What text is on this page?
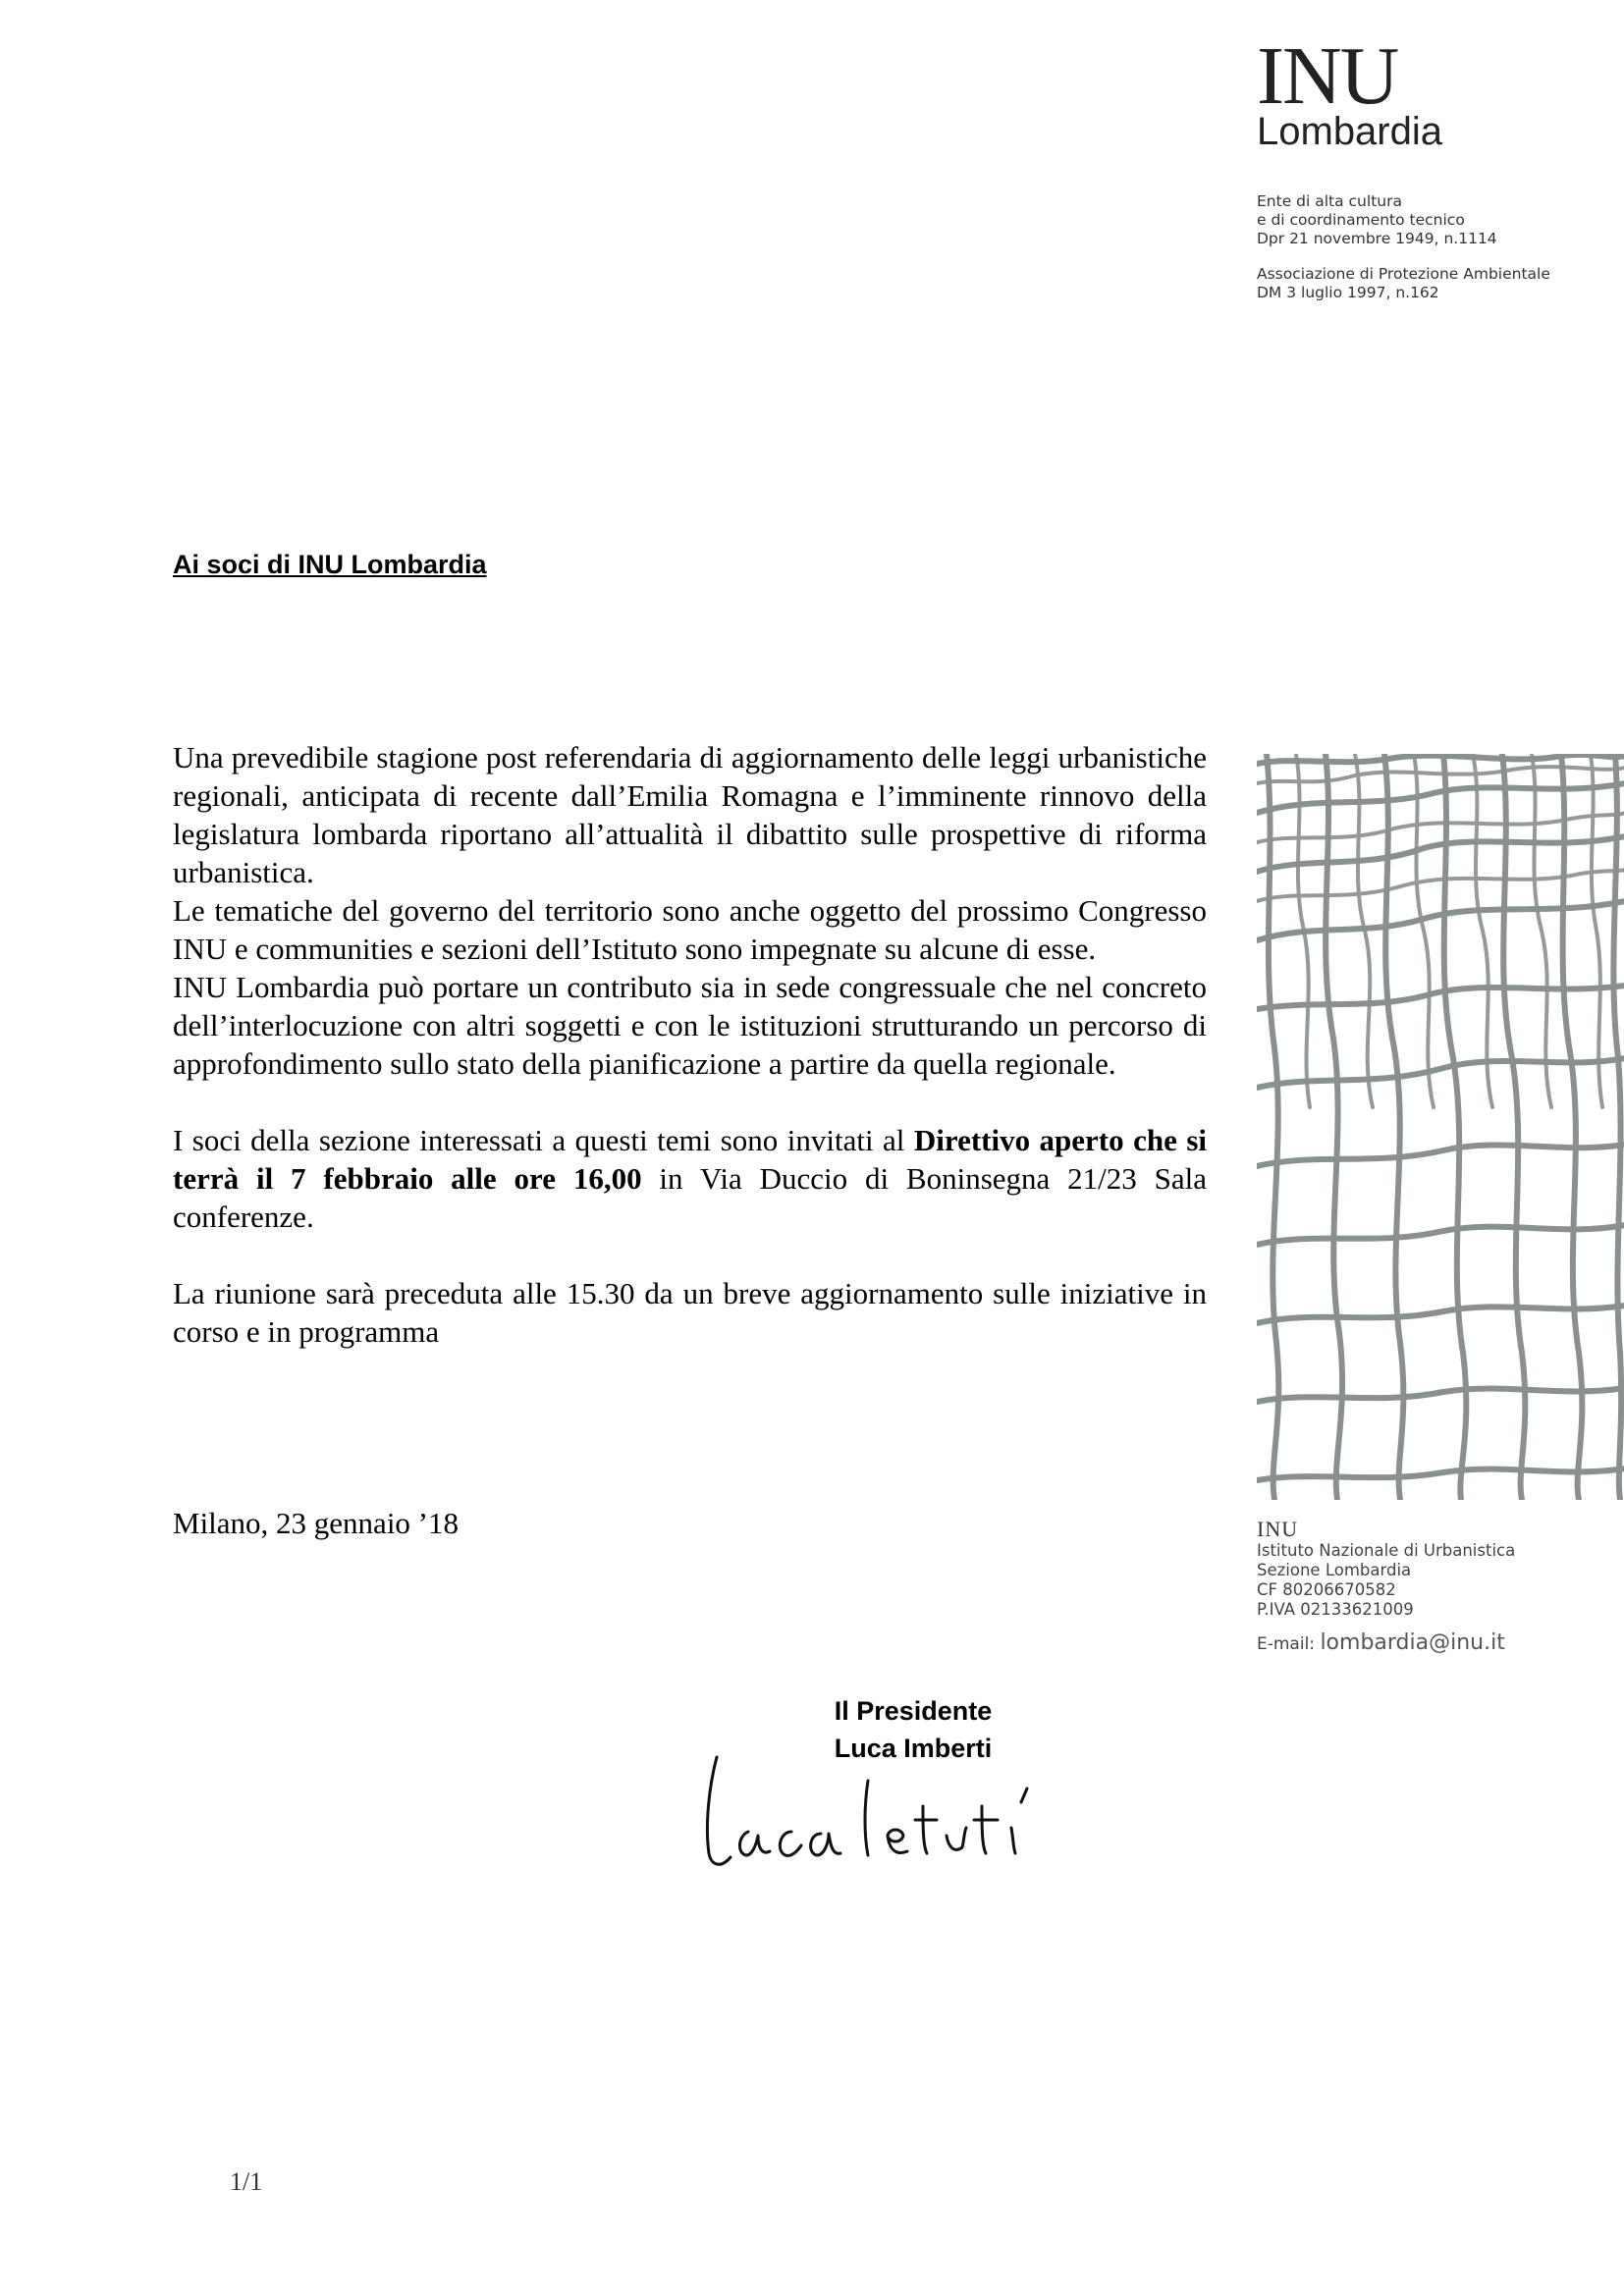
INU
Lombardia
Ente di alta cultura
e di coordinamento tecnico
Dpr 21 novembre 1949, n.1114
Associazione di Protezione Ambientale
DM 3 luglio 1997, n.162
Ai soci di INU Lombardia

Una prevedibile stagione post referendaria di aggiornamento delle leggi urbanistiche regionali, anticipata di recente dall’Emilia Romagna e l’imminente rinnovo della legislatura lombarda riportano all’attualità il dibattito sulle prospettive di riforma urbanistica.

Le tematiche del governo del territorio sono anche oggetto del prossimo Congresso INU e communities e sezioni dell’Istituto sono impegnate su alcune di esse.

INU Lombardia può portare un contributo sia in sede congressuale che nel concreto dell’interlocuzione con altri soggetti e con le istituzioni strutturando un percorso di approfondimento sullo stato della pianificazione a partire da quella regionale.

I soci della sezione interessati a questi temi sono invitati al Direttivo aperto che si terrà il 7 febbraio alle ore 16,00 in Via Duccio di Boninsegna 21/23 Sala conferenze.

La riunione sarà preceduta alle 15.30 da un breve aggiornamento sulle iniziative in corso e in programma

Milano, 23 gennaio ’18
Il Presidente
Luca Imberti
INU
Istituto Nazionale di Urbanistica
Sezione Lombardia
CF 80206670582
P.IVA 02133621009
E-mail: lombardia@inu.it
1/1
